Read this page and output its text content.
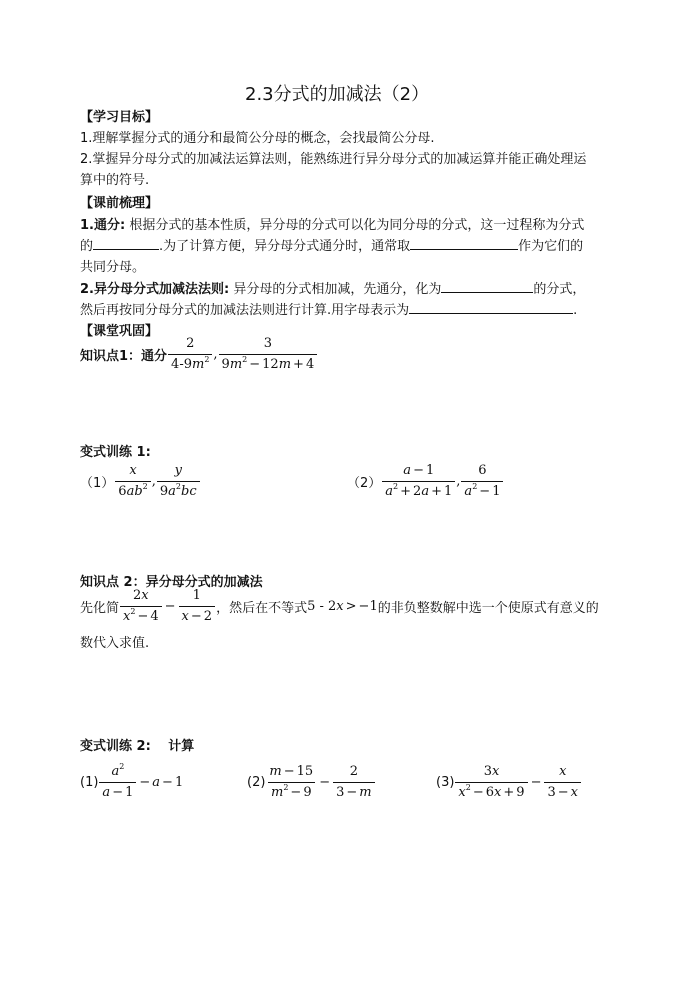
2.3分式的加减法（2）
【学习目标】
1.理解掌握分式的通分和最简公分母的概念，会找最简公分母.
2.掌握异分母分式的加减法运算法则，能熟练进行异分母分式的加减运算并能正确处理运
算中的符号.
【课前梳理】
1.通分: 根据分式的基本性质，异分母的分式可以化为同分母的分式，这一过程称为分式
的	.为了计算方便，异分母分式通分时，通常取	作为它们的
共同分母。
2.异分母分式加减法法则: 异分母的分式相加减，先通分，化为	的分式，
然后再按同分母分式的加减法法则进行计算.用字母表示为	.
【课堂巩固】
知识点1：通分 $\frac{2}{4-9m^2}$ , $\frac{3}{9m^2 - 12m + 4}$
变式训练 1:
$(1) \frac{x}{6ab^2}$ , $\frac{y}{9a^2bc}$	$(2) \frac{a - 1}{a^2 + 2a + 1}$ , $\frac{6}{a^2 - 1}$
知识点 2：异分母分式的加减法
先化简 $\frac{2x}{x^2 - 4} - \frac{1}{x - 2}$ ，然后在不等式 5 - 2x > −1 的非负整数解中选一个使原式有意义的
数代入求值.
变式训练 2:　 计算
$(1) \frac{a^2}{a - 1} - a - 1$	$(2) \frac{m - 15}{m^2 - 9} - \frac{2}{3 - m}$	$(3) \frac{3x}{x^2 - 6x + 9} - \frac{x}{3 - x}$
